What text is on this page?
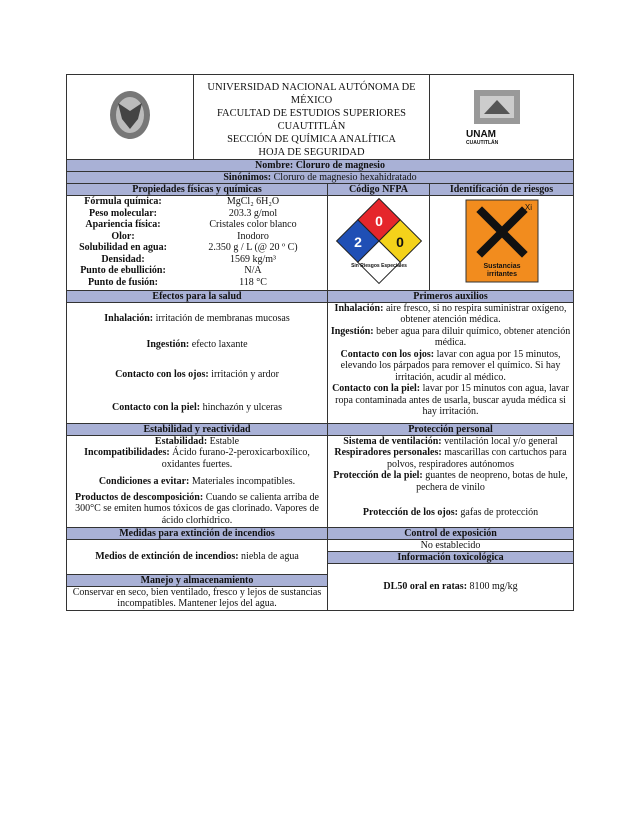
UNIVERSIDAD NACIONAL AUTÓNOMA DE MÉXICO
FACULTAD DE ESTUDIOS SUPERIORES CUAUTITLÁN
SECCIÓN DE QUÍMICA ANALÍTICA
HOJA DE SEGURIDAD

UNAM
CUAUTITLÁN

Nombre: Cloruro de magnesio
Sinónimos: Cloruro de magnesio hexahidratado
Propiedades físicas y químicas	Código NFPA	Identificación de riesgos

Fórmula química:	MgCl₂ 6H₂O
Peso molecular:	203.3 g/mol
Apariencia física:	Cristales color blanco
Olor:	Inodoro
Solubilidad en agua:	2.350 g / L (@ 20 º C)
Densidad:	1569 kg/m³
Punto de ebullición:	N/A
Punto de fusión:	118 °C

0
2 0
Sin Riesgos Especiales

Xi
Sustancias
irritantes

Efectos para la salud	Primeros auxilios

Inhalación: irritación de membranas mucosas
Ingestión: efecto laxante
Contacto con los ojos: irritación y ardor
Contacto con la piel: hinchazón y ulceras

Inhalación: aire fresco, si no respira suministrar oxígeno, obtener atención médica.
Ingestión: beber agua para diluir químico, obtener atención médica.
Contacto con los ojos: lavar con agua por 15 minutos, elevando los párpados para remover el químico. Si hay irritación, acudir al médico.
Contacto con la piel: lavar por 15 minutos con agua, lavar ropa contaminada antes de usarla, buscar ayuda médica si hay irritación.

Estabilidad y reactividad	Protección personal

Estabilidad: Estable
Incompatibilidades: Ácido furano-2-peroxicarboxílico, oxidantes fuertes.
Condiciones a evitar: Materiales incompatibles.
Productos de descomposición: Cuando se calienta arriba de 300°C se emiten humos tóxicos de gas clorinado. Vapores de ácido clorhídrico.

Sistema de ventilación: ventilación local y/o general
Respiradores personales: mascarillas con cartuchos para polvos, respiradores autónomos
Protección de la piel: guantes de neopreno, botas de hule, pechera de vinilo
Protección de los ojos: gafas de protección

Medidas para extinción de incendios	Control de exposición
Medios de extinción de incendios: niebla de agua	No establecido
Información toxicológica
DL50 oral en ratas: 8100 mg/kg
Manejo y almacenamiento
Conservar en seco, bien ventilado, fresco y lejos de sustancias incompatibles. Mantener lejos del agua.
